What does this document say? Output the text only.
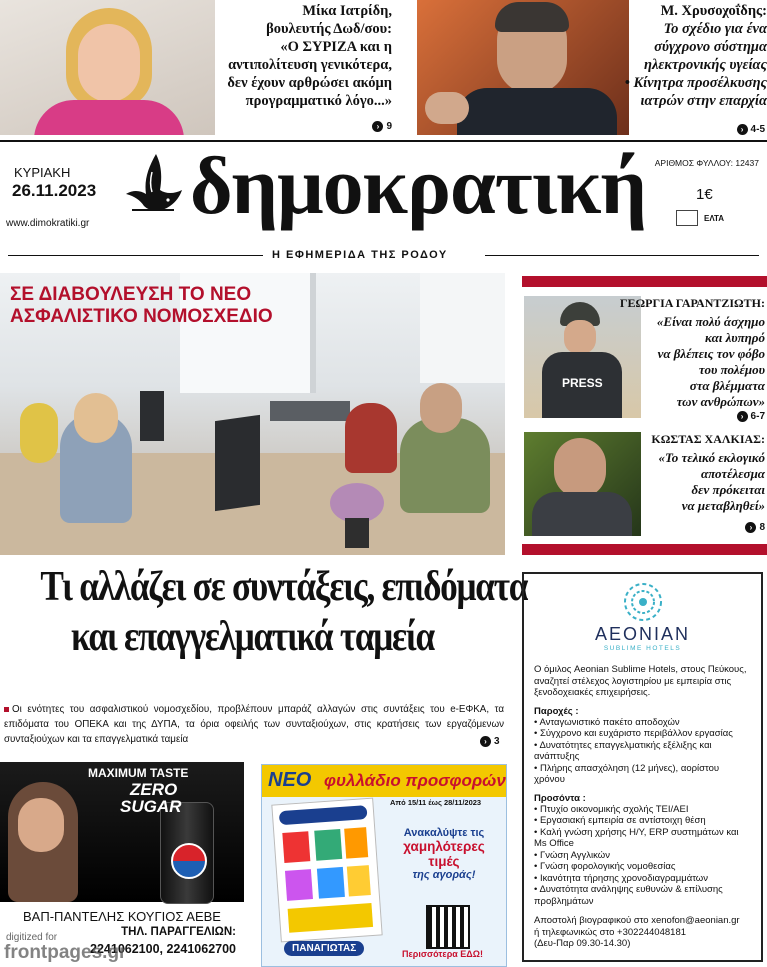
Μίκα Ιατρίδη,
βουλευτής Δωδ/σου:
«Ο ΣΥΡΙΖΑ και η
αντιπολίτευση γενικότερα,
δεν έχουν αρθρώσει ακόμη
προγραμματικό λόγο...»
› 9
Μ. Χρυσοχοΐδης:
Το σχέδιο για ένα
σύγχρονο σύστημα
ηλεκτρονικής υγείας
• Κίνητρα προσέλκυσης
ιατρών στην επαρχία
› 4-5
ΚΥΡΙΑΚΗ
26.11.2023
www.dimokratiki.gr δημοκρατική ΑΡΙΘΜΟΣ ΦΥΛΛΟΥ: 12437
1€
ΕΛΤΑ
Η ΕΦΗΜΕΡΙΔΑ ΤΗΣ ΡΟΔΟΥ
ΣΕ ΔΙΑΒΟΥΛΕΥΣΗ ΤΟ ΝΕΟ
ΑΣΦΑΛΙΣΤΙΚΟ ΝΟΜΟΣΧΕΔΙΟ
PRESS
ΓΕΩΡΓΙΑ ΓΑΡΑΝΤΖΙΩΤΗ:
«Είναι πολύ άσχημο
και λυπηρό
να βλέπεις τον φόβο
του πολέμου
στα βλέμματα
των ανθρώπων»
› 6-7
ΚΩΣΤΑΣ ΧΑΛΚΙΑΣ:
«Το τελικό εκλογικό
αποτέλεσμα
δεν πρόκειται
να μεταβληθεί»
› 8
Τι αλλάζει σε συντάξεις, επιδόματα
και επαγγελματικά ταμεία
Οι ενότητες του ασφαλιστικού νομοσχεδίου, προβλέπουν μπαράζ αλλαγών στις συντάξεις του e-ΕΦΚΑ, τα επιδόματα του ΟΠΕΚΑ και της ΔΥΠΑ, τα όρια οφειλής των συνταξιούχων, στις κρατήσεις των εργαζόμενων συνταξιούχων και τα επαγγελματικά ταμεία	› 3
MAXIMUM TASTE
ZERO
SUGAR
ΒΑΠ-ΠΑΝΤΕΛΗΣ ΚΟΥΓΙΟΣ ΑΕΒΕ
ΤΗΛ. ΠΑΡΑΓΓΕΛΙΩΝ:
2241062100, 2241062700
ΝΕΟ φυλλάδιο προσφορών
Από 15/11 έως 28/11/2023
Ανακαλύψτε τις
χαμηλότερες
τιμές
της αγοράς!
ΠΑΝΑΓΙΩΤΑΣ	Περισσότερα ΕΔΩ!
AEONIAN
SUBLIME HOTELS

Ο όμιλος Aeonian Sublime Hotels, στους Πεύκους, αναζητεί στέλεχος λογιστηρίου με εμπειρία στις ξενοδοχειακές επιχειρήσεις.

Παροχές :
• Ανταγωνιστικό πακέτο αποδοχών
• Σύγχρονο και ευχάριστο περιβάλλον εργασίας
• Δυνατότητες επαγγελματικής εξέλιξης και ανάπτυξης
• Πλήρης απασχόληση (12 μήνες), αορίστου χρόνου
Προσόντα :
• Πτυχίο οικονομικής σχολής ΤΕΙ/ΑΕΙ
• Εργασιακή εμπειρία σε αντίστοιχη θέση
• Καλή γνώση χρήσης Η/Υ, ERP συστημάτων και Ms Office
• Γνώση Αγγλικών
• Γνώση φορολογικής νομοθεσίας
• Ικανότητα τήρησης χρονοδιαγραμμάτων
• Δυνατότητα ανάληψης ευθυνών & επίλυσης προβλημάτων

Αποστολή βιογραφικού στο xenofon@aeonian.gr

ή τηλεφωνικώς στο +302244048181

(Δευ-Παρ 09.30-14.30)

digitized for
frontpages.gr
